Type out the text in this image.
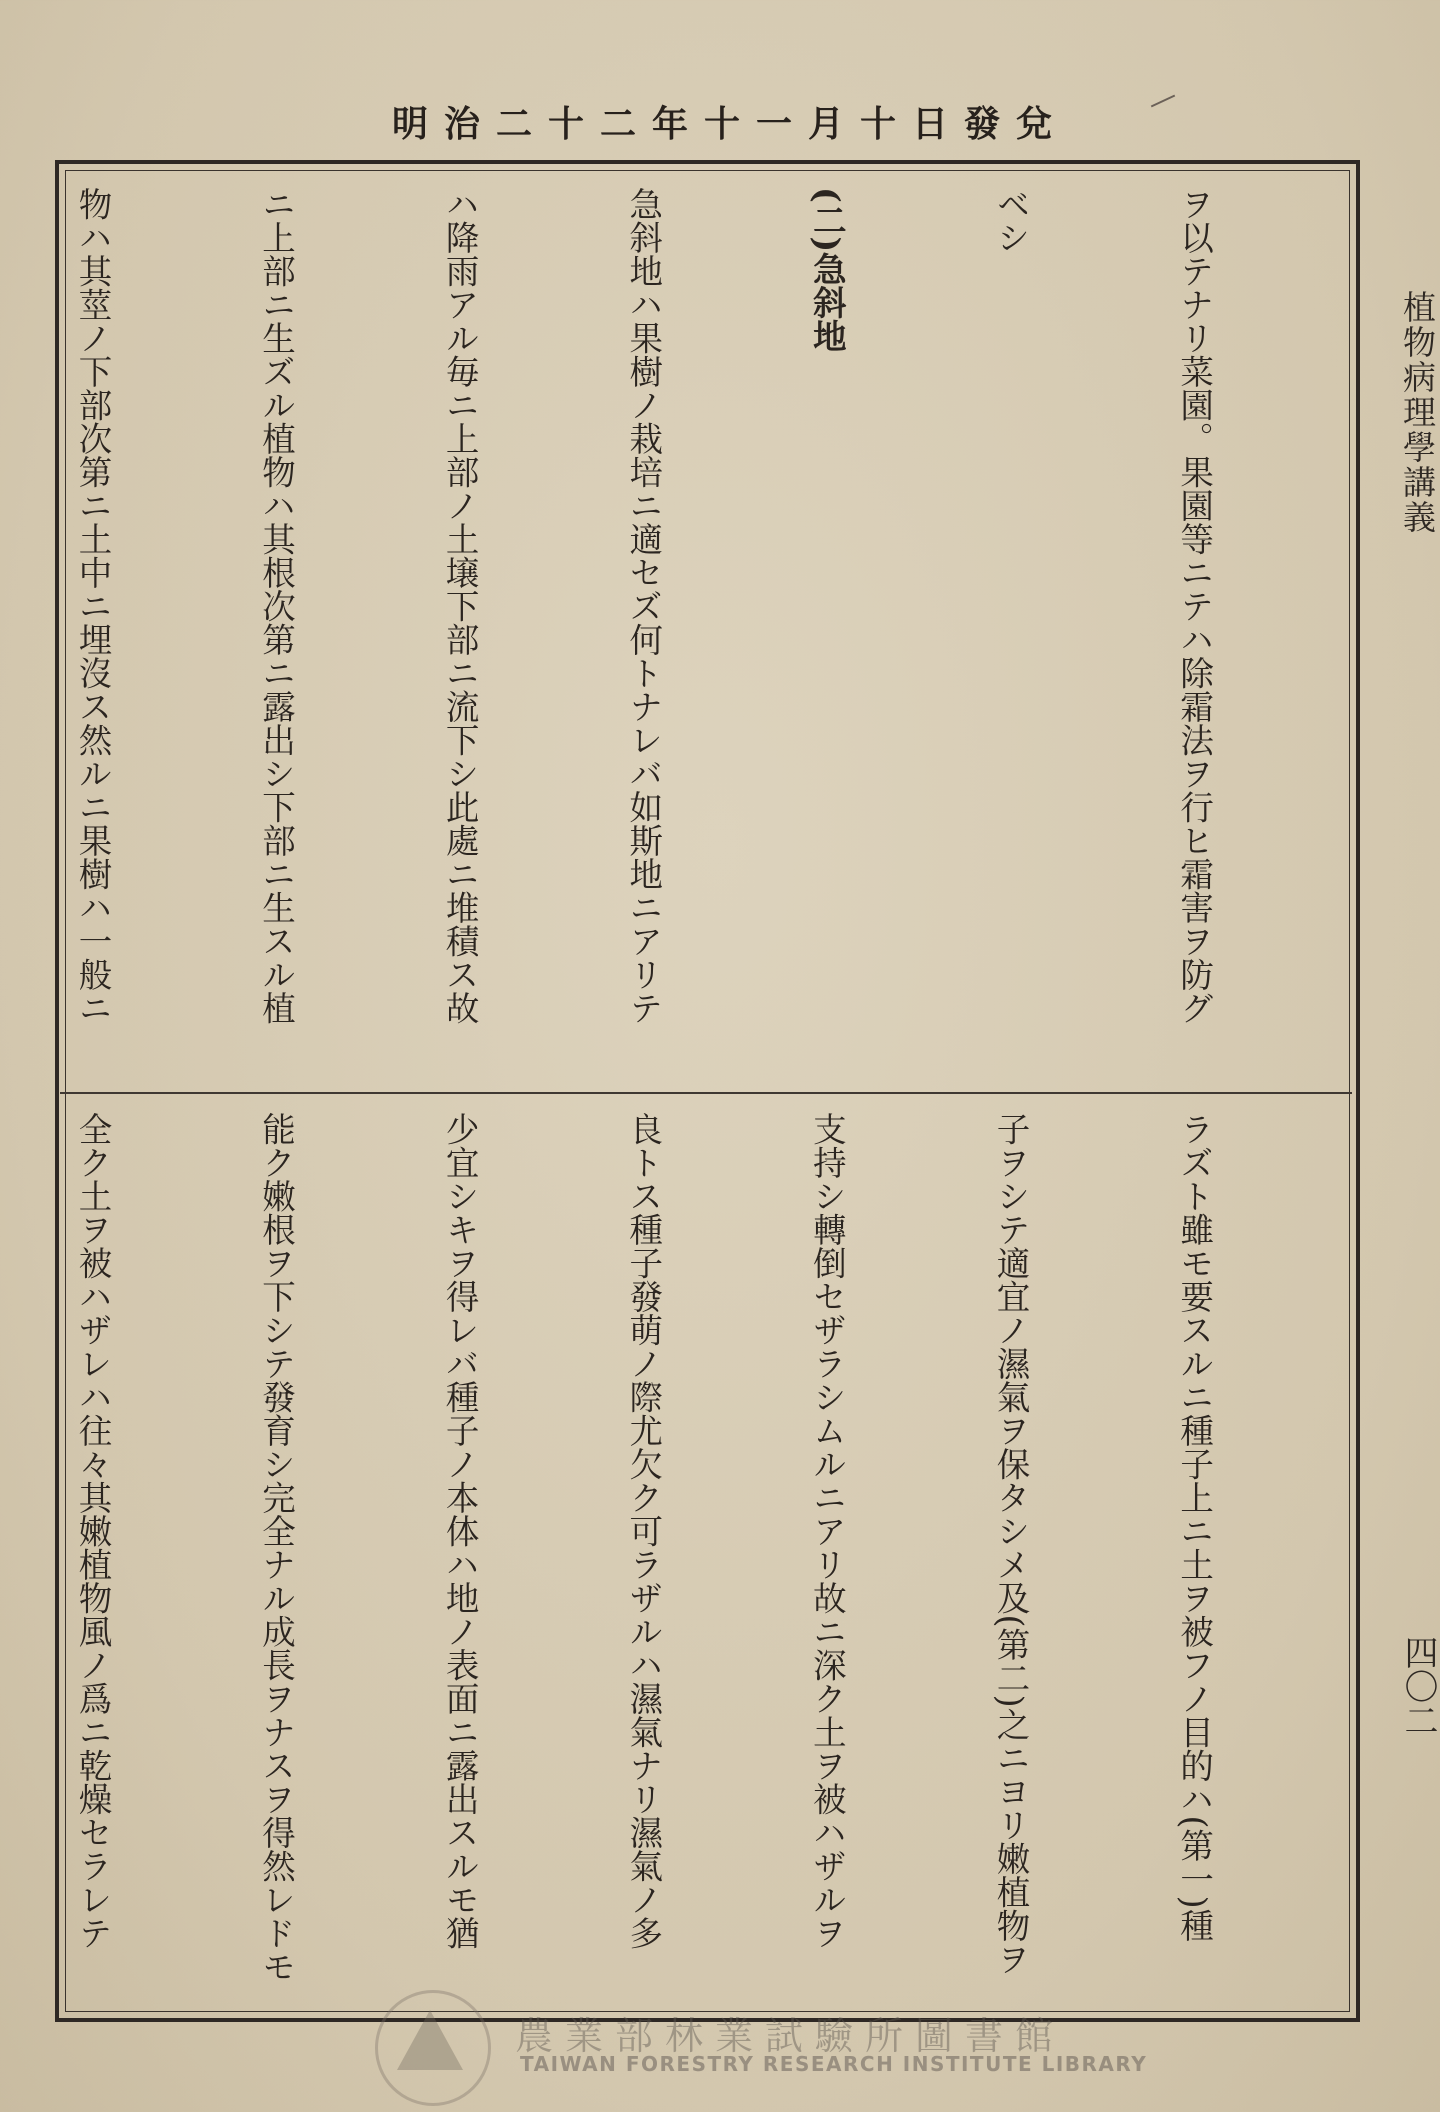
明治二十二年十一月十日發兌
植物病理學講義
四〇二

ヲ以テナリ菜園。果園等ニテハ除霜法ヲ行ヒ霜害ヲ防グ

ベシ

(二)急斜地

急斜地ハ果樹ノ栽培ニ適セズ何トナレバ如斯地ニアリテ

ハ降雨アル毎ニ上部ノ土壌下部ニ流下シ此處ニ堆積ス故

ニ上部ニ生ズル植物ハ其根次第ニ露出シ下部ニ生スル植

物ハ其莖ノ下部次第ニ土中ニ埋沒ス然ルニ果樹ハ一般ニ

ラズト雖モ要スルニ種子上ニ土ヲ被フノ目的ハ(第一)種

子ヲシテ適宜ノ濕氣ヲ保タシメ及(第二)之ニヨリ嫩植物ヲ

支持シ轉倒セザラシムルニアリ故ニ深ク土ヲ被ハザルヲ

良トス種子發萌ノ際尤欠ク可ラザルハ濕氣ナリ濕氣ノ多

少宜シキヲ得レバ種子ノ本体ハ地ノ表面ニ露出スルモ猶

能ク嫩根ヲ下シテ發育シ完全ナル成長ヲナスヲ得然レドモ

全ク土ヲ被ハザレハ往々其嫩植物風ノ爲ニ乾燥セラレテ

農業部林業試驗所圖書館
TAIWAN FORESTRY RESEARCH INSTITUTE LIBRARY
